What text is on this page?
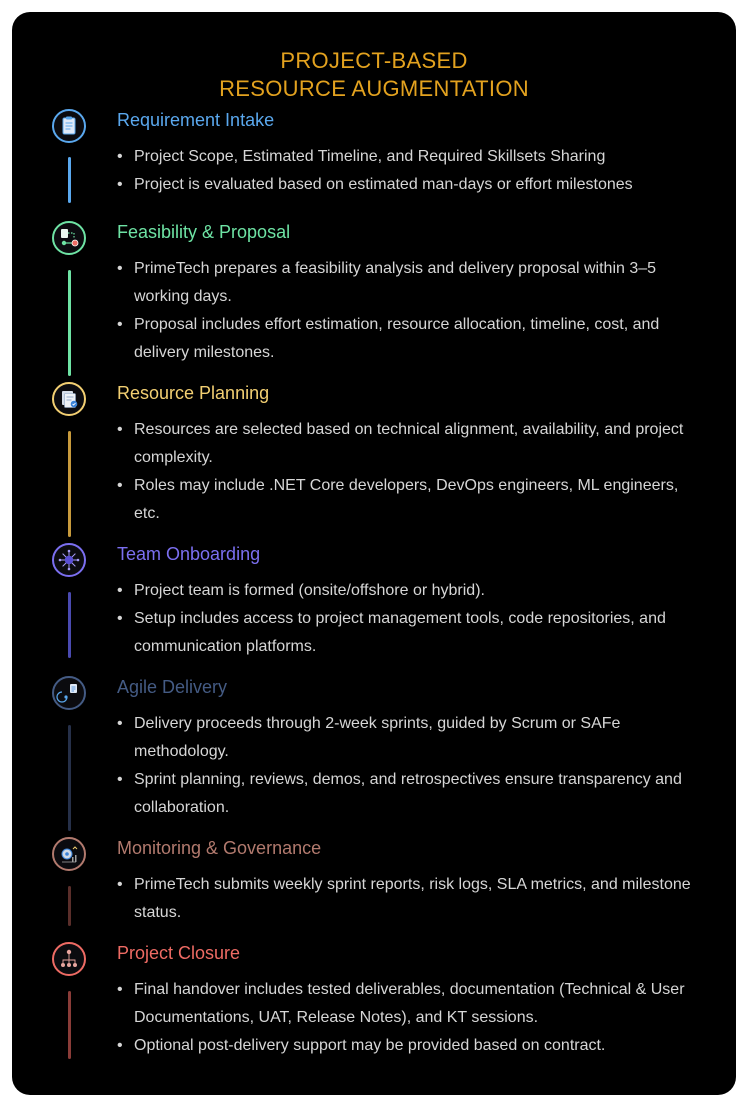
PROJECT-BASED
RESOURCE AUGMENTATION
Requirement Intake
• Project Scope, Estimated Timeline, and Required Skillsets Sharing
• Project is evaluated based on estimated man-days or effort milestones
Feasibility & Proposal
• PrimeTech prepares a feasibility analysis and delivery proposal within 3–5 working days.
• Proposal includes effort estimation, resource allocation, timeline, cost, and delivery milestones.
Resource Planning
• Resources are selected based on technical alignment, availability, and project complexity.
• Roles may include .NET Core developers, DevOps engineers, ML engineers, etc.
Team Onboarding
• Project team is formed (onsite/offshore or hybrid).
• Setup includes access to project management tools, code repositories, and communication platforms.
Agile Delivery
• Delivery proceeds through 2-week sprints, guided by Scrum or SAFe methodology.
• Sprint planning, reviews, demos, and retrospectives ensure transparency and collaboration.
Monitoring & Governance
• PrimeTech submits weekly sprint reports, risk logs, SLA metrics, and milestone status.
Project Closure
• Final handover includes tested deliverables, documentation (Technical & User Documentations, UAT, Release Notes), and KT sessions.
• Optional post-delivery support may be provided based on contract.
